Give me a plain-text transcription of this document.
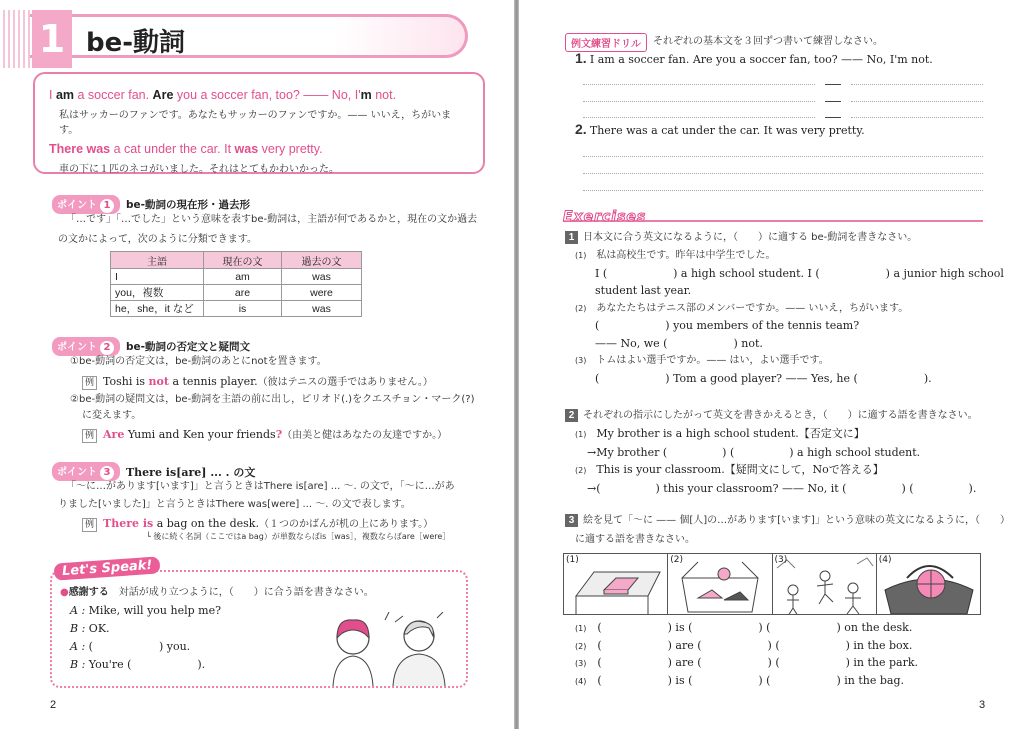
1 be-動詞
I am a soccer fan. Are you a soccer fan, too? —— No, I'm not.
私はサッカーのファンです。あなたもサッカーのファンですか。—— いいえ，ちがいます。
There was a cat under the car. It was very pretty.
車の下に１匹のネコがいました。それはとてもかわいかった。
ポイント 1	be-動詞の現在形・過去形
「…です」「…でした」という意味を表すbe-動詞は，主語が何であるかと，現在の文か過去
の文かによって，次のように分類できます。
主語	現在の文	過去の文
I	am	was
you，複数	are	were
he，she，it など	is	was
ポイント 2	be-動詞の否定文と疑問文
①be-動詞の否定文は，be-動詞のあとにnotを置きます。
例 Toshi is not a tennis player.（彼はテニスの選手ではありません。）
②be-動詞の疑問文は，be-動詞を主語の前に出し，ピリオド(.)をクエスチョン・マーク(?)
に変えます。
例 Are Yumi and Ken your friends?（由美と健はあなたの友達ですか。）
ポイント 3	There is[are] ... . の文
「～に…があります[います]」と言うときはThere is[are] ... ～. の文で，「～に…があ
りました[いました]」と言うときはThere was[were] ... ～. の文で表します。
例 There is a bag on the desk.（１つのかばんが机の上にあります。）
└ 後に続く名詞（ここではa bag）が単数ならばis［was］，複数ならばare［were］
Let's Speak!
●感謝する　 対話が成り立つように，（　　）に合う語を書きなさい。
A : Mike, will you help me?
B : OK.
A : (　　　　　　) you.
B : You're (　　　　　　).
2
例文練習ドリル	それぞれの基本文を３回ずつ書いて練習しなさい。
1. I am a soccer fan. Are you a soccer fan, too? —— No, I'm not.
2. There was a cat under the car. It was very pretty.
Exercises
1 日本文に合う英文になるように，（　　）に適する be-動詞を書きなさい。
(1)　 私は高校生です。昨年は中学生でした。
I (　　　　　　) a high school student. I (　　　　　　) a junior high school
student last year.
(2)　 あなたたちはテニス部のメンバーですか。—— いいえ，ちがいます。
(　　　　　　) you members of the tennis team?
—— No, we (　　　　　　) not.
(3)　 トムはよい選手ですか。—— はい，よい選手です。
(　　　　　　) Tom a good player? —— Yes, he (　　　　　　).
2 それぞれの指示にしたがって英文を書きかえるとき，（　　）に適する語を書きなさい。
(1)　 My brother is a high school student.【否定文に】
→My brother (　　　　　) (　　　　　) a high school student.
(2)　 This is your classroom.【疑問文にして，Noで答える】
→(　　　　　) this your classroom? —— No, it (　　　　　) (　　　　　).
3 絵を見て「～に —— 個[人]の…があります[います]」という意味の英文になるように，（　　）
に適する語を書きなさい。
(1)	(2)	(3)	(4)
(1)　 (　　　　　　) is (　　　　　　) (　　　　　　) on the desk.
(2)　 (　　　　　　) are (　　　　　　) (　　　　　　) in the box.
(3)　 (　　　　　　) are (　　　　　　) (　　　　　　) in the park.
(4)　 (　　　　　　) is (　　　　　　) (　　　　　　) in the bag.
3
